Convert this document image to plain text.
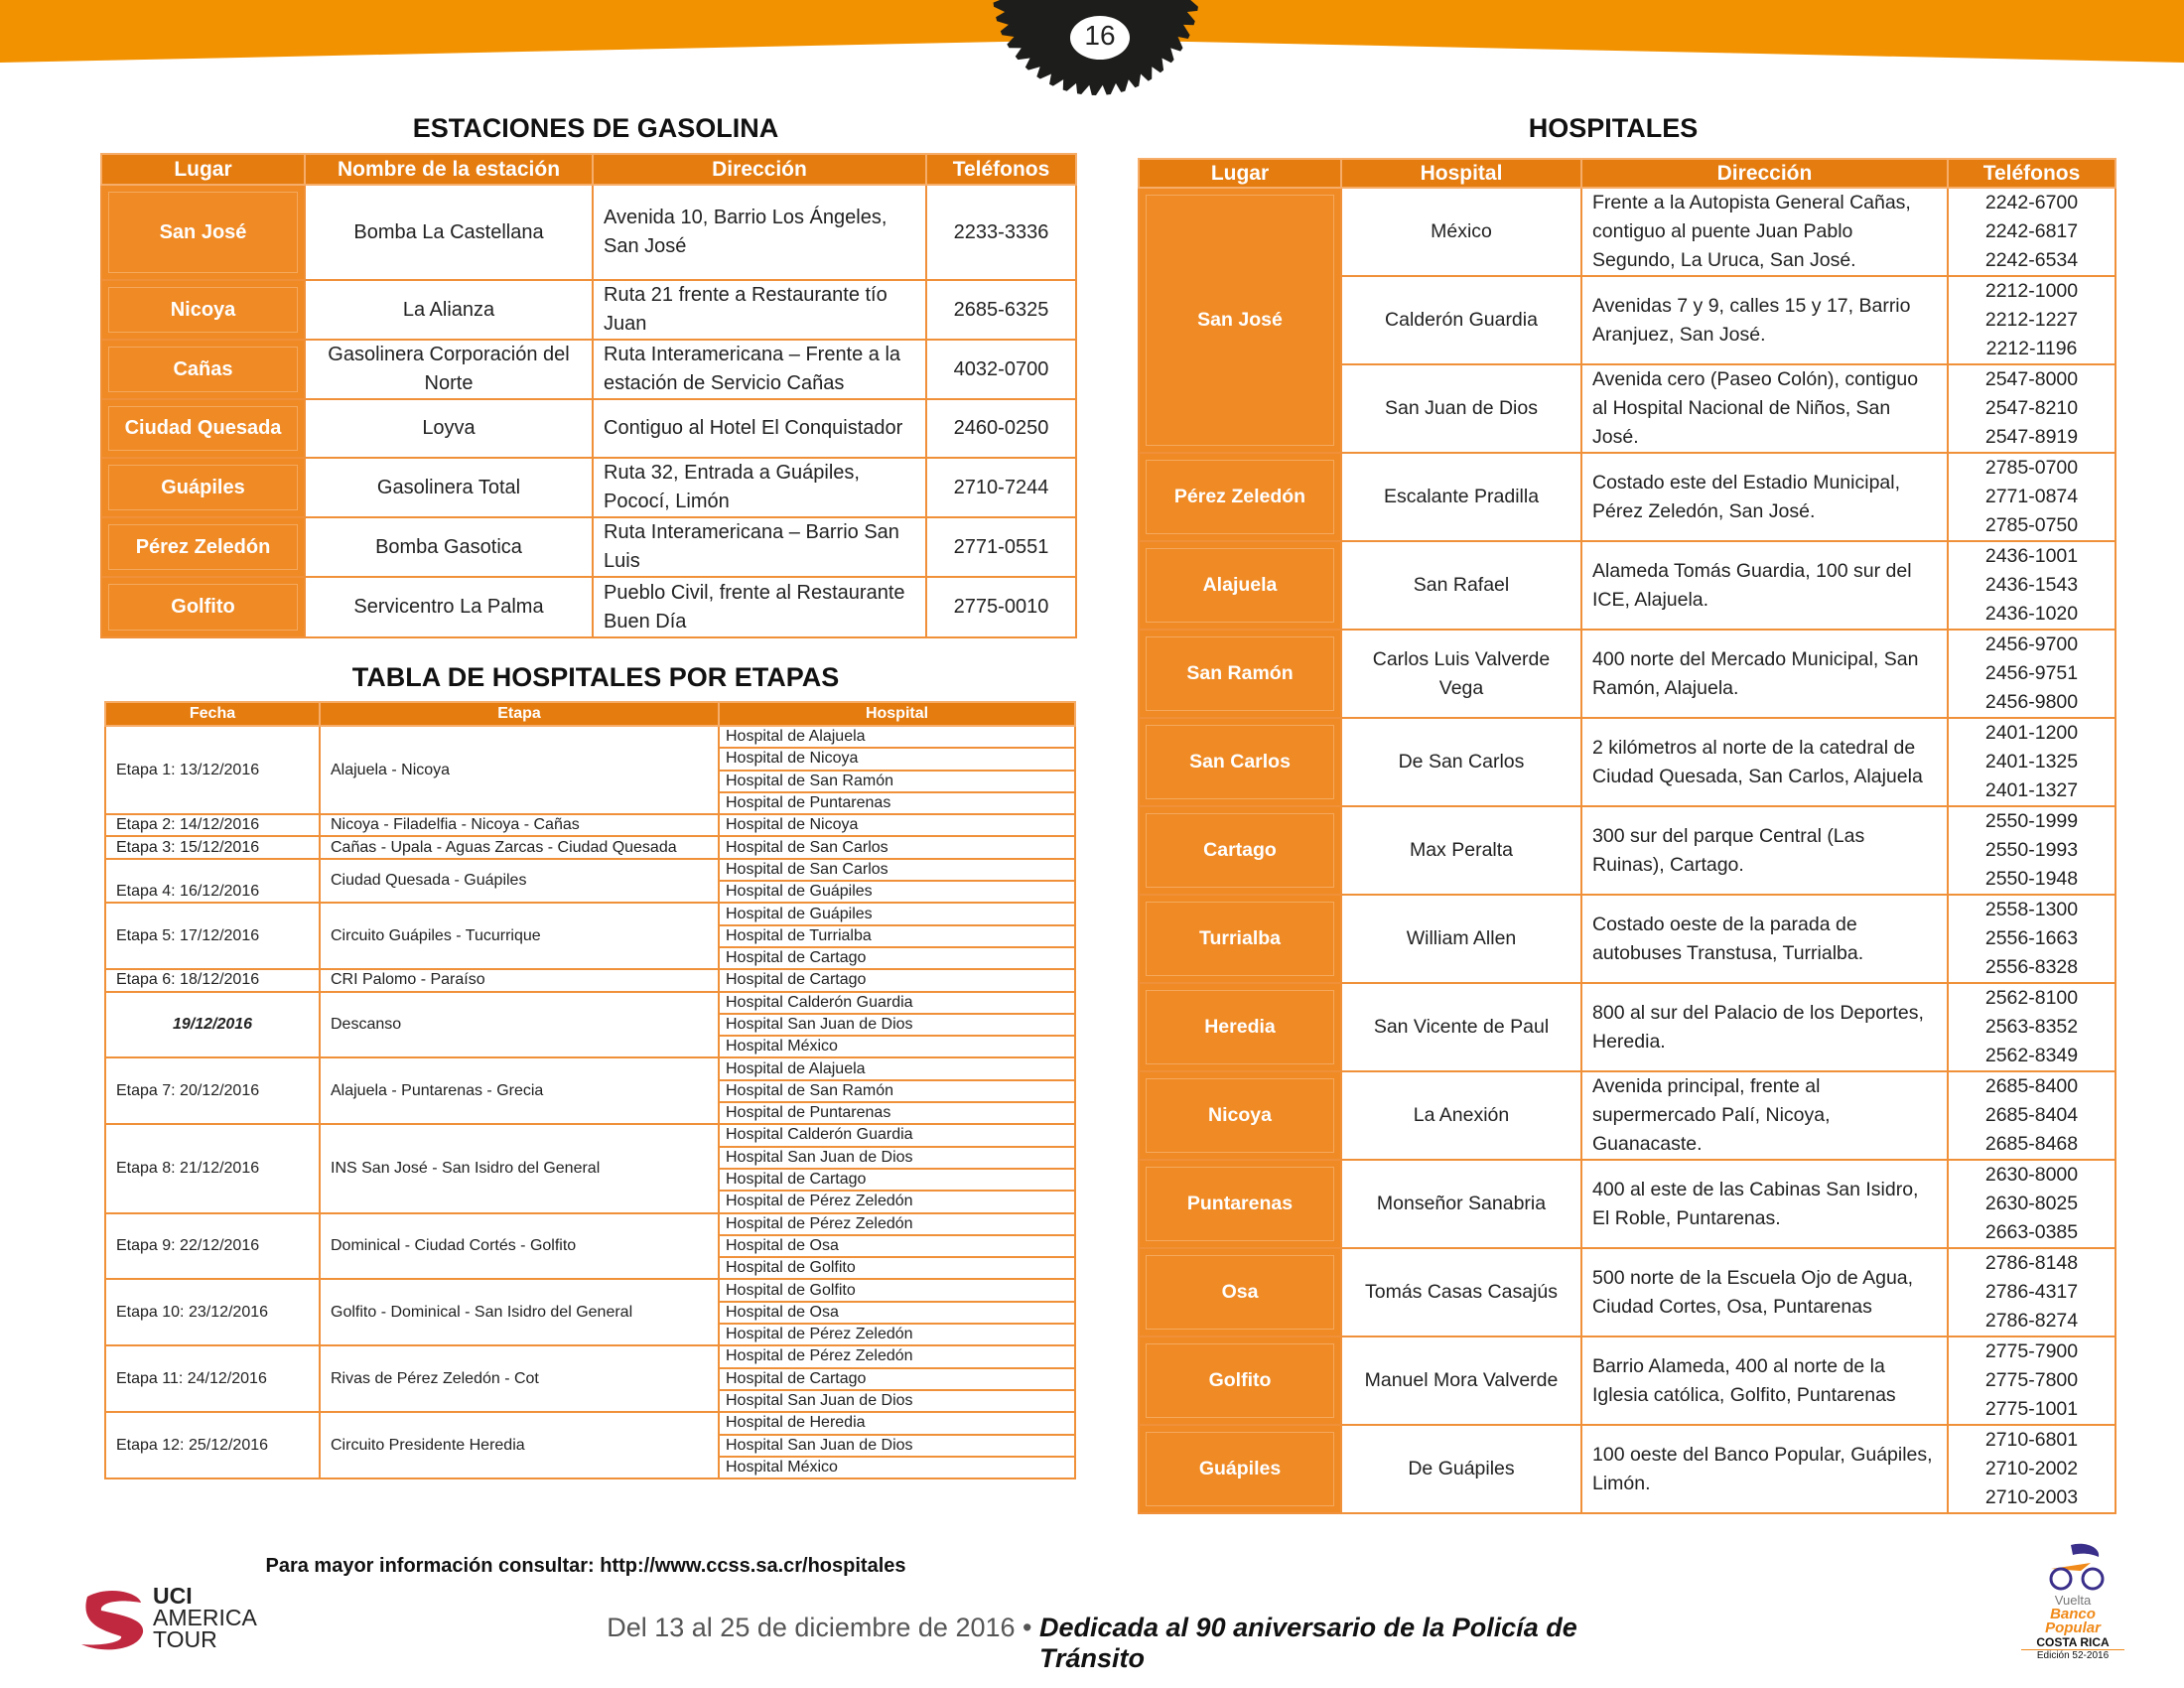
16
ESTACIONES DE GASOLINA
Lugar	Nombre de la estación	Dirección	Teléfonos
San José	Bomba La Castellana	Avenida 10, Barrio Los Ángeles, San José	2233-3336
Nicoya	La Alianza	Ruta 21 frente a Restaurante tío Juan	2685-6325
Cañas	Gasolinera Corporación del Norte	Ruta Interamericana – Frente a la estación de Servicio Cañas	4032-0700
Ciudad Quesada	Loyva	Contiguo al Hotel El Conquistador	2460-0250
Guápiles	Gasolinera Total	Ruta 32, Entrada a Guápiles, Pococí, Limón	2710-7244
Pérez Zeledón	Bomba Gasotica	Ruta Interamericana – Barrio San Luis	2771-0551
Golfito	Servicentro La Palma	Pueblo Civil, frente al Restaurante Buen Día	2775-0010
TABLA DE HOSPITALES POR ETAPAS
Fecha	Etapa	Hospital
Etapa 1: 13/12/2016	Alajuela - Nicoya	Hospital de Alajuela
		Hospital de Nicoya
		Hospital de San Ramón
		Hospital de Puntarenas
Etapa 2: 14/12/2016	Nicoya - Filadelfia - Nicoya - Cañas	Hospital de Nicoya
Etapa 3: 15/12/2016	Cañas - Upala - Aguas Zarcas - Ciudad Quesada	Hospital de San Carlos
Etapa 4: 16/12/2016	Ciudad Quesada - Guápiles	Hospital de San Carlos
		Hospital de Guápiles
Etapa 5: 17/12/2016	Circuito Guápiles - Tucurrique	Hospital de Guápiles
		Hospital de Turrialba
		Hospital de Cartago
Etapa 6: 18/12/2016	CRI Palomo - Paraíso	Hospital de Cartago
19/12/2016	Descanso	Hospital Calderón Guardia
		Hospital San Juan de Dios
		Hospital México
Etapa 7: 20/12/2016	Alajuela - Puntarenas - Grecia	Hospital de Alajuela
		Hospital de San Ramón
		Hospital de Puntarenas
Etapa 8: 21/12/2016	INS San José - San Isidro del General	Hospital Calderón Guardia
		Hospital San Juan de Dios
		Hospital de Cartago
		Hospital de Pérez Zeledón
Etapa 9: 22/12/2016	Dominical - Ciudad Cortés - Golfito	Hospital de Pérez Zeledón
		Hospital de Osa
		Hospital de Golfito
Etapa 10: 23/12/2016	Golfito - Dominical - San Isidro del General	Hospital de Golfito
		Hospital de Osa
		Hospital de Pérez Zeledón
Etapa 11: 24/12/2016	Rivas de Pérez Zeledón - Cot	Hospital de Pérez Zeledón
		Hospital de Cartago
		Hospital San Juan de Dios
Etapa 12: 25/12/2016	Circuito Presidente Heredia	Hospital de Heredia
		Hospital San Juan de Dios
		Hospital México
HOSPITALES
Lugar	Hospital	Dirección	Teléfonos
San José	México	Frente a la Autopista General Cañas, contiguo al puente Juan Pablo Segundo, La Uruca, San José.	2242-6700
2242-6817
2242-6534

	Calderón Guardia	Avenidas 7 y 9, calles 15 y 17, Barrio Aranjuez, San José.	2212-1000
2212-1227
2212-1196

	San Juan de Dios	Avenida cero (Paseo Colón), contiguo al Hospital Nacional de Niños, San José.	2547-8000
2547-8210
2547-8919

Pérez Zeledón	Escalante Pradilla	Costado este del Estadio Municipal, Pérez Zeledón, San José.	2785-0700
2771-0874
2785-0750

Alajuela	San Rafael	Alameda Tomás Guardia, 100 sur del ICE, Alajuela.	2436-1001
2436-1543
2436-1020

San Ramón	Carlos Luis Valverde Vega	400 norte del Mercado Municipal, San Ramón, Alajuela.	2456-9700
2456-9751
2456-9800

San Carlos	De San Carlos	2 kilómetros al norte de la catedral de Ciudad Quesada, San Carlos, Alajuela	2401-1200
2401-1325
2401-1327

Cartago	Max Peralta	300 sur del parque Central (Las Ruinas), Cartago.	2550-1999
2550-1993
2550-1948

Turrialba	William Allen	Costado oeste de la parada de autobuses Transtusa, Turrialba.	2558-1300
2556-1663
2556-8328

Heredia	San Vicente de Paul	800 al sur del Palacio de los Deportes, Heredia.	2562-8100
2563-8352
2562-8349

Nicoya	La Anexión	Avenida principal, frente al supermercado Palí, Nicoya, Guanacaste.	2685-8400
2685-8404
2685-8468

Puntarenas	Monseñor Sanabria	400 al este de las Cabinas San Isidro, El Roble, Puntarenas.	2630-8000
2630-8025
2663-0385

Osa	Tomás Casas Casajús	500 norte de la Escuela Ojo de Agua, Ciudad Cortes, Osa, Puntarenas	2786-8148
2786-4317
2786-8274

Golfito	Manuel Mora Valverde	Barrio Alameda, 400 al norte de la Iglesia católica, Golfito, Puntarenas	2775-7900
2775-7800
2775-1001

Guápiles	De Guápiles	100 oeste del Banco Popular, Guápiles, Limón.	2710-6801
2710-2002
2710-2003
Para mayor información consultar: http://www.ccss.sa.cr/hospitales
UCI
AMERICA
TOUR	Del 13 al 25 de diciembre de 2016 • Dedicada al 90 aniversario de la Policía de Tránsito
Vuelta
Banco
Popular
COSTA RICA
Edición 52-2016
